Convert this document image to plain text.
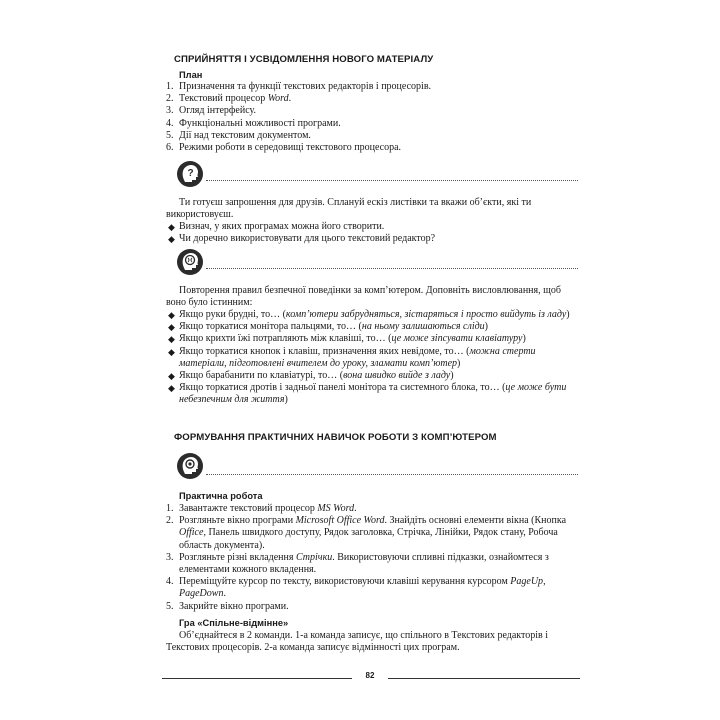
СПРИЙНЯТТЯ І УСВІДОМЛЕННЯ НОВОГО МАТЕРІАЛУ
План
1. Призначення та функції текстових редакторів і процесорів.
2. Текстовий процесор Word.
3. Огляд інтерфейсу.
4. Функціональні можливості програми.
5. Дії над текстовим документом.
6. Режими роботи в середовищі текстового процесора.
?

Ти готуєш запрошення для друзів. Сплануй ескіз листівки та вкажи об’єкти, які ти використовуєш.

◆ Визнач, у яких програмах можна його створити.
◆ Чи доречно використовувати для цього текстовий редактор?

Повторення правил безпечної поведінки за комп’ютером. Доповніть висловлювання, щоб воно було істинним:

◆ Якщо руки брудні, то… (комп’ютери забрудняться, зістаряться і просто вийдуть із ладу)
◆ Якщо торкатися монітора пальцями, то… (на ньому залишаються сліди)
◆ Якщо крихти їжі потрапляють між клавіші, то… (це може зіпсувати клавіатуру)
◆ Якщо торкатися кнопок і клавіш, призначення яких невідоме, то… (можна стерти матеріали, підготовлені вчителем до уроку, зламати комп’ютер)
◆ Якщо барабанити по клавіатурі, то… (вона швидко вийде з ладу)
◆ Якщо торкатися дротів і задньої панелі монітора та системного блока, то… (це може бути небезпечним для життя)
ФОРМУВАННЯ ПРАКТИЧНИХ НАВИЧОК РОБОТИ З КОМП’ЮТЕРОМ
Практична робота
1. Завантажте текстовий процесор MS Word.
2. Розгляньте вікно програми Microsoft Office Word. Знайдіть основні елементи вікна (Кнопка Office, Панель швидкого доступу, Рядок заголовка, Стрічка, Лінійки, Рядок стану, Робоча область документа).
3. Розгляньте різні вкладення Стрічки. Використовуючи спливні підказки, ознайомтеся з елементами кожного вкладення.
4. Переміщуйте курсор по тексту, використовуючи клавіші керування курсором PageUp, PageDown.
5. Закрийте вікно програми.
Гра «Спільне-відмінне»

Об’єднайтеся в 2 команди. 1-а команда записує, що спільного в Текстових редакторів і Текстових процесорів. 2-а команда записує відмінності цих програм.

82
